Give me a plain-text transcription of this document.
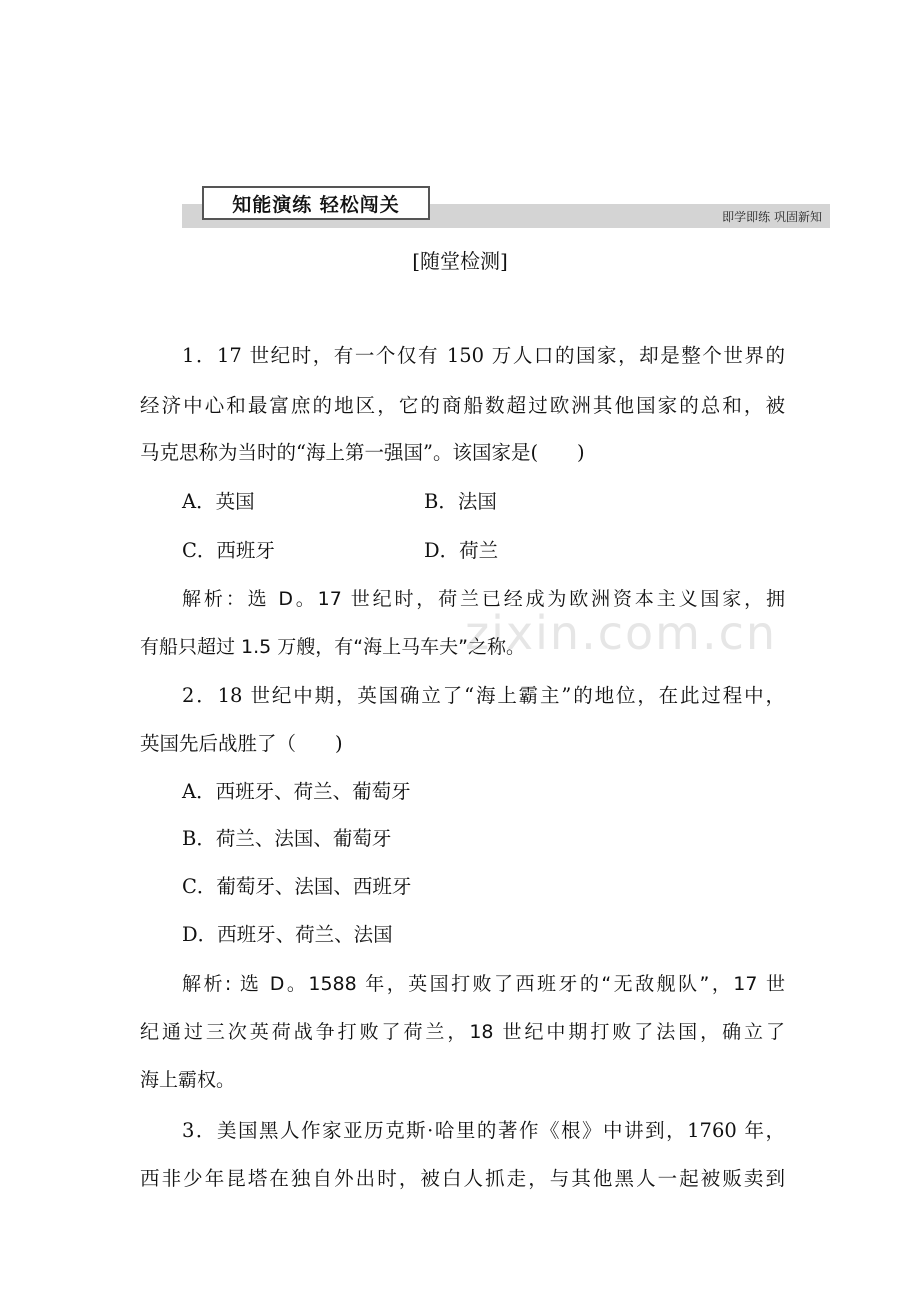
知能演练 轻松闯关
即学即练 巩固新知
[随堂检测]
zixin.com.cn
1．17 世纪时，有一个仅有 150 万人口的国家，却是整个世界的
经济中心和最富庶的地区，它的商船数超过欧洲其他国家的总和，被
马克思称为当时的“海上第一强国”。该国家是(　　)
A．英国	B．法国
C．西班牙	D．荷兰
解析：选 D。17 世纪时，荷兰已经成为欧洲资本主义国家，拥
有船只超过 1.5 万艘，有“海上马车夫”之称。
2．18 世纪中期，英国确立了“海上霸主”的地位，在此过程中，
英国先后战胜了（　　)
A．西班牙、荷兰、葡萄牙
B．荷兰、法国、葡萄牙
C．葡萄牙、法国、西班牙
D．西班牙、荷兰、法国
解析: 选 D。1588 年，英国打败了西班牙的“无敌舰队”，17 世
纪通过三次英荷战争打败了荷兰，18 世纪中期打败了法国，确立了
海上霸权。
3．美国黑人作家亚历克斯·哈里的著作《根》中讲到，1760 年，
西非少年昆塔在独自外出时，被白人抓走，与其他黑人一起被贩卖到
